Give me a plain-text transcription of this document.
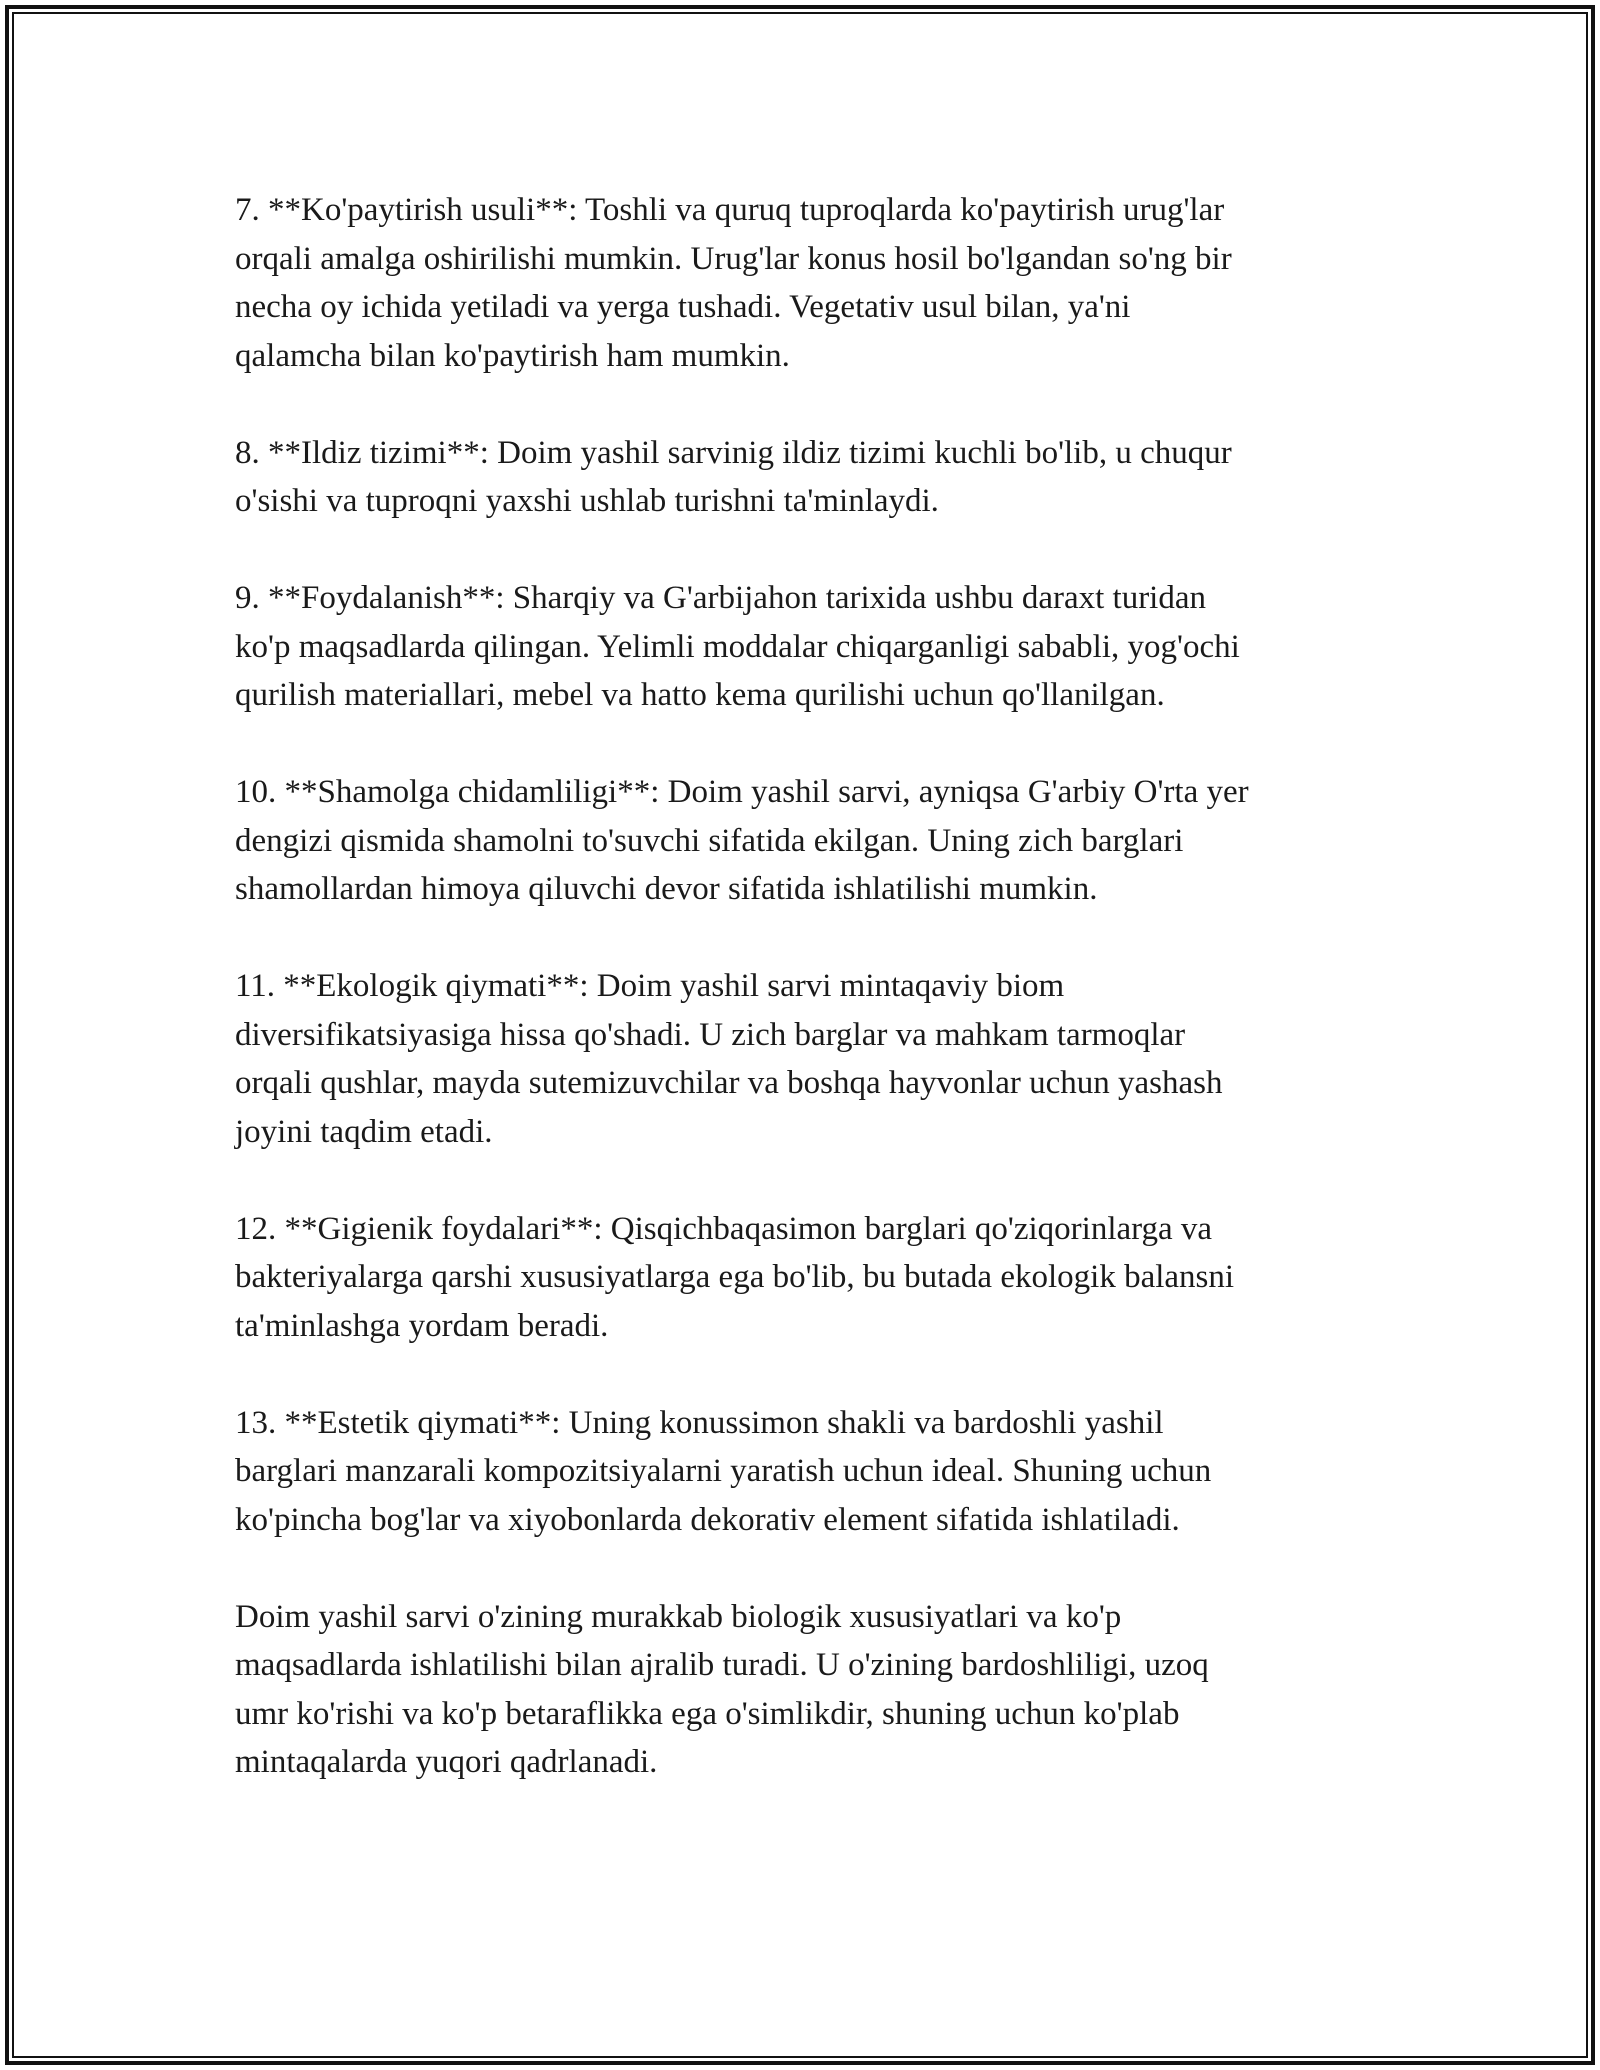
7. **Ko'paytirish usuli**: Toshli va quruq tuproqlarda ko'paytirish urug'lar
orqali amalga oshirilishi mumkin. Urug'lar konus hosil bo'lgandan so'ng bir
necha oy ichida yetiladi va yerga tushadi. Vegetativ usul bilan, ya'ni
qalamcha bilan ko'paytirish ham mumkin.

8. **Ildiz tizimi**: Doim yashil sarvinig ildiz tizimi kuchli bo'lib, u chuqur
o'sishi va tuproqni yaxshi ushlab turishni ta'minlaydi.

9. **Foydalanish**: Sharqiy va G'arbijahon tarixida ushbu daraxt turidan
ko'p maqsadlarda qilingan. Yelimli moddalar chiqarganligi sababli, yog'ochi
qurilish materiallari, mebel va hatto kema qurilishi uchun qo'llanilgan.

10. **Shamolga chidamliligi**: Doim yashil sarvi, ayniqsa G'arbiy O'rta yer
dengizi qismida shamolni to'suvchi sifatida ekilgan. Uning zich barglari
shamollardan himoya qiluvchi devor sifatida ishlatilishi mumkin.

11. **Ekologik qiymati**: Doim yashil sarvi mintaqaviy biom
diversifikatsiyasiga hissa qo'shadi. U zich barglar va mahkam tarmoqlar
orqali qushlar, mayda sutemizuvchilar va boshqa hayvonlar uchun yashash
joyini taqdim etadi.

12. **Gigienik foydalari**: Qisqichbaqasimon barglari qo'ziqorinlarga va
bakteriyalarga qarshi xususiyatlarga ega bo'lib, bu butada ekologik balansni
ta'minlashga yordam beradi.

13. **Estetik qiymati**: Uning konussimon shakli va bardoshli yashil
barglari manzarali kompozitsiyalarni yaratish uchun ideal. Shuning uchun
ko'pincha bog'lar va xiyobonlarda dekorativ element sifatida ishlatiladi.

Doim yashil sarvi o'zining murakkab biologik xususiyatlari va ko'p
maqsadlarda ishlatilishi bilan ajralib turadi. U o'zining bardoshliligi, uzoq
umr ko'rishi va ko'p betaraflikka ega o'simlikdir, shuning uchun ko'plab
mintaqalarda yuqori qadrlanadi.
